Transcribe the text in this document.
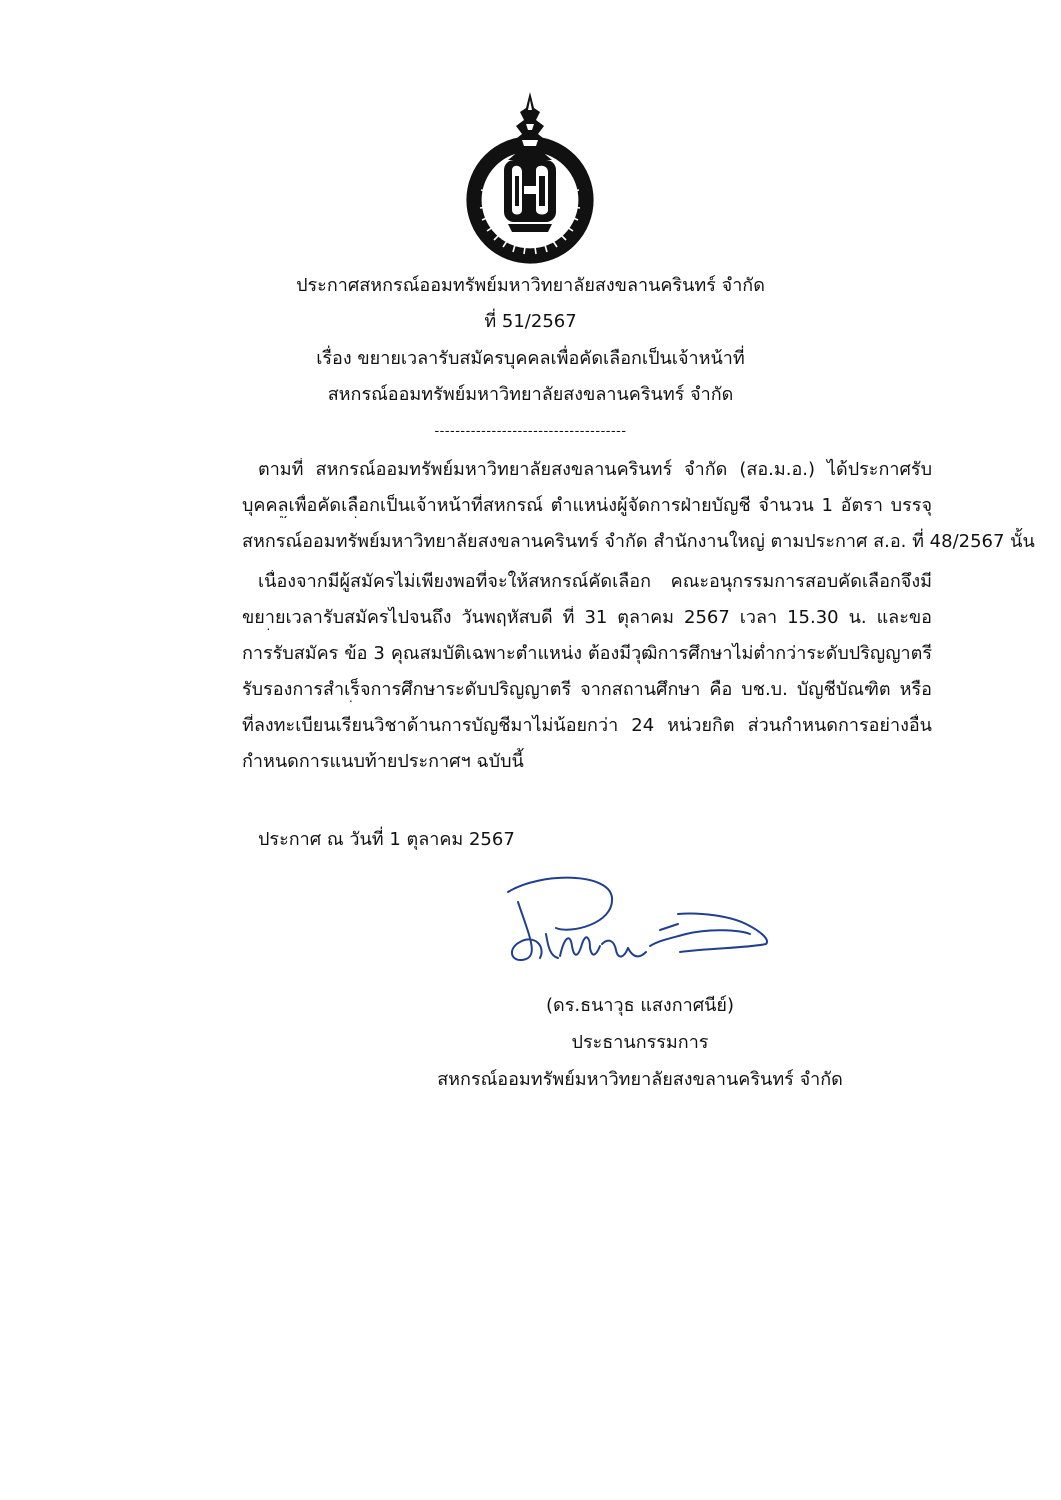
ประกาศสหกรณ์ออมทรัพย์มหาวิทยาลัยสงขลานครินทร์ จำกัด
ที่ 51/2567
เรื่อง ขยายเวลารับสมัครบุคคลเพื่อคัดเลือกเป็นเจ้าหน้าที่
สหกรณ์ออมทรัพย์มหาวิทยาลัยสงขลานครินทร์ จำกัด
-------------------------------------
ตามที่ สหกรณ์ออมทรัพย์มหาวิทยาลัยสงขลานครินทร์ จำกัด (สอ.ม.อ.) ได้ประกาศรับ
บุคคลเพื่อคัดเลือกเป็นเจ้าหน้าที่สหกรณ์ ตำแหน่งผู้จัดการฝ่ายบัญชี จำนวน 1 อัตรา บรรจุ
สหกรณ์ออมทรัพย์มหาวิทยาลัยสงขลานครินทร์ จำกัด สำนักงานใหญ่ ตามประกาศ ส.อ. ที่ 48/2567 นั้น
เนื่องจากมีผู้สมัครไม่เพียงพอที่จะให้สหกรณ์คัดเลือก คณะอนุกรรมการสอบคัดเลือกจึงมี
ขยายเวลารับสมัครไปจนถึง วันพฤหัสบดี ที่ 31 ตุลาคม 2567 เวลา 15.30 น. และขอ
การรับสมัคร ข้อ 3 คุณสมบัติเฉพาะตำแหน่ง ต้องมีวุฒิการศึกษาไม่ต่ำกว่าระดับปริญญาตรี
รับรองการสำเร็จการศึกษาระดับปริญญาตรี จากสถานศึกษา คือ บช.บ. บัญชีบัณฑิต หรือ
ที่ลงทะเบียนเรียนวิชาด้านการบัญชีมาไม่น้อยกว่า 24 หน่วยกิต ส่วนกำหนดการอย่างอื่น
กำหนดการแนบท้ายประกาศฯ ฉบับนี้
ประกาศ ณ วันที่ 1 ตุลาคม 2567
(ดร.ธนาวุธ แสงกาศนีย์)
ประธานกรรมการ
สหกรณ์ออมทรัพย์มหาวิทยาลัยสงขลานครินทร์ จำกัด
